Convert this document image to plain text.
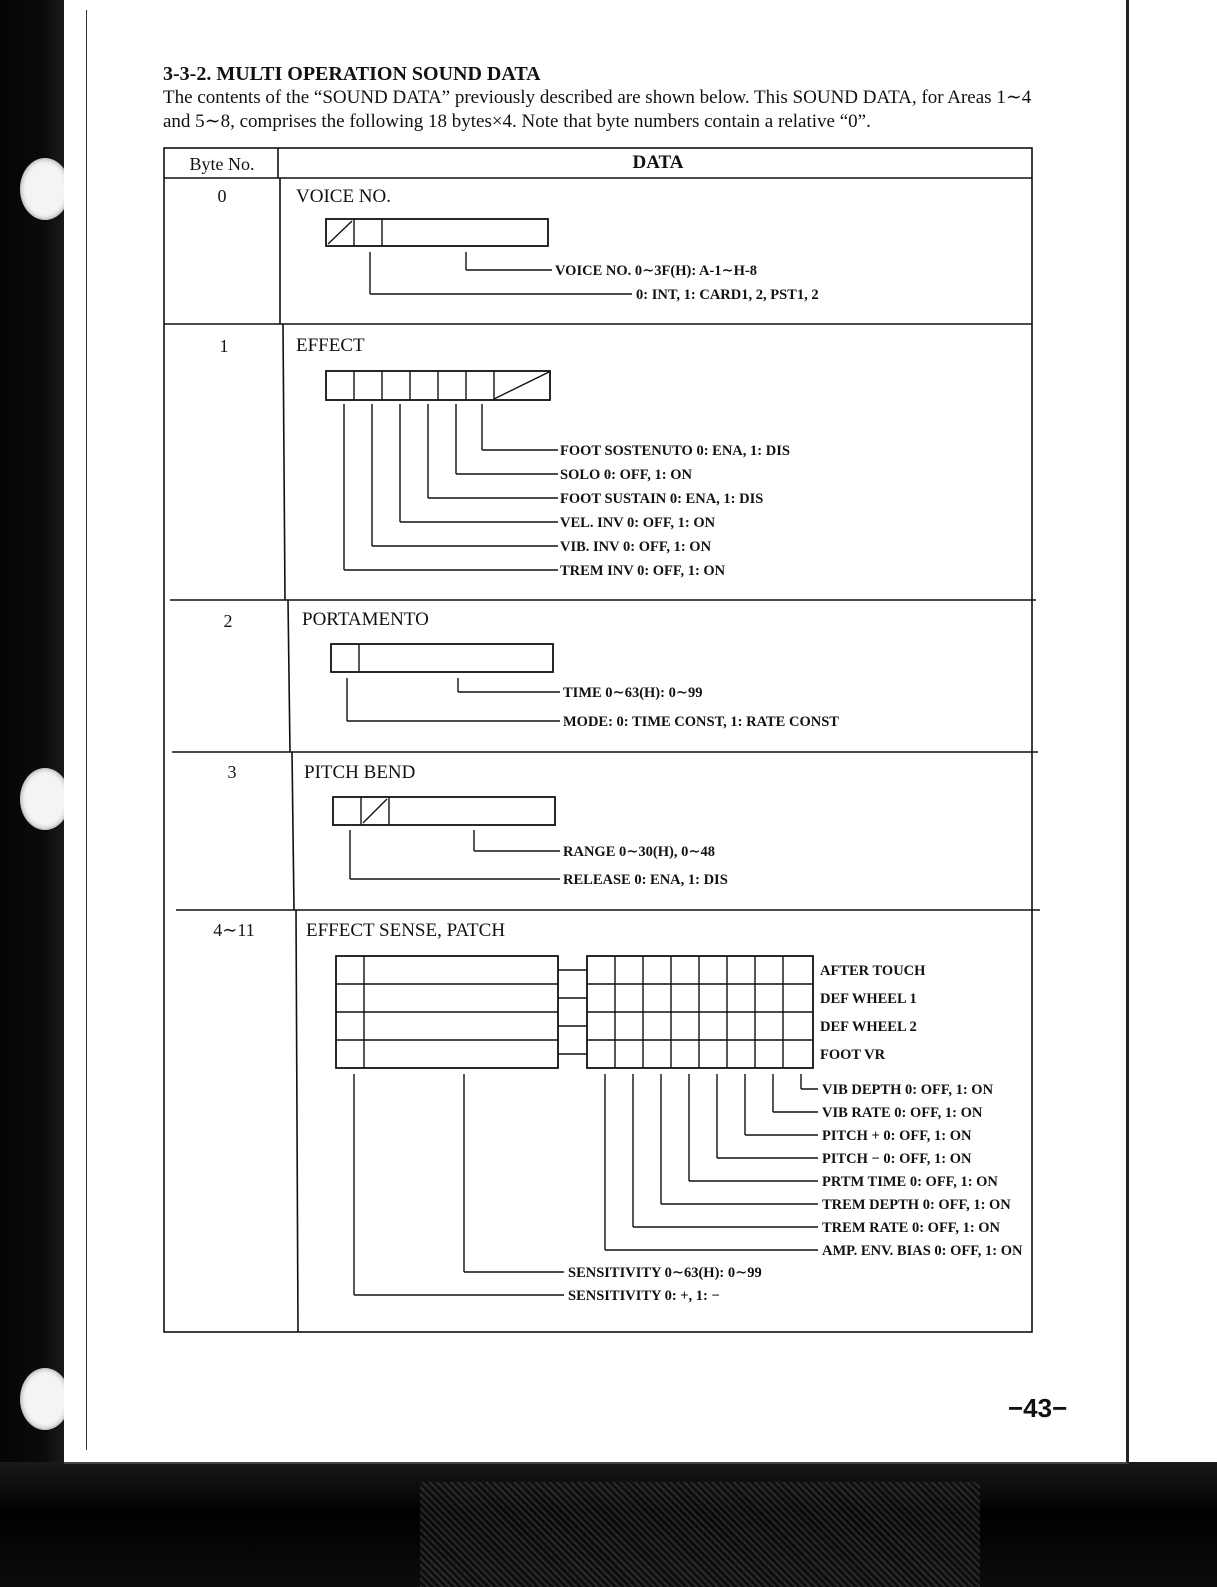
3-3-2. MULTI OPERATION SOUND DATA
The contents of the “SOUND DATA” previously described are shown below. This SOUND DATA, for Areas 1∼4
and 5∼8, comprises the following 18 bytes×4. Note that byte numbers contain a relative “0”.
Byte No.	DATA
0
1
2
3
4∼11
VOICE NO.
EFFECT
PORTAMENTO
PITCH BEND
EFFECT SENSE, PATCH
VOICE NO. 0∼3F(H): A-1∼H-8
0: INT, 1: CARD1, 2, PST1, 2
FOOT SOSTENUTO 0: ENA, 1: DIS
SOLO 0: OFF, 1: ON
FOOT SUSTAIN 0: ENA, 1: DIS
VEL. INV 0: OFF, 1: ON
VIB. INV 0: OFF, 1: ON
TREM INV 0: OFF, 1: ON
TIME 0∼63(H): 0∼99
MODE: 0: TIME CONST, 1: RATE CONST
RANGE 0∼30(H), 0∼48
RELEASE 0: ENA, 1: DIS
AFTER TOUCH
DEF WHEEL 1
DEF WHEEL 2
FOOT VR
VIB DEPTH 0: OFF, 1: ON
VIB RATE 0: OFF, 1: ON
PITCH + 0: OFF, 1: ON
PITCH − 0: OFF, 1: ON
PRTM TIME 0: OFF, 1: ON
TREM DEPTH 0: OFF, 1: ON
TREM RATE 0: OFF, 1: ON
AMP. ENV. BIAS 0: OFF, 1: ON
SENSITIVITY 0∼63(H): 0∼99
SENSITIVITY 0: +, 1: −
−43−
